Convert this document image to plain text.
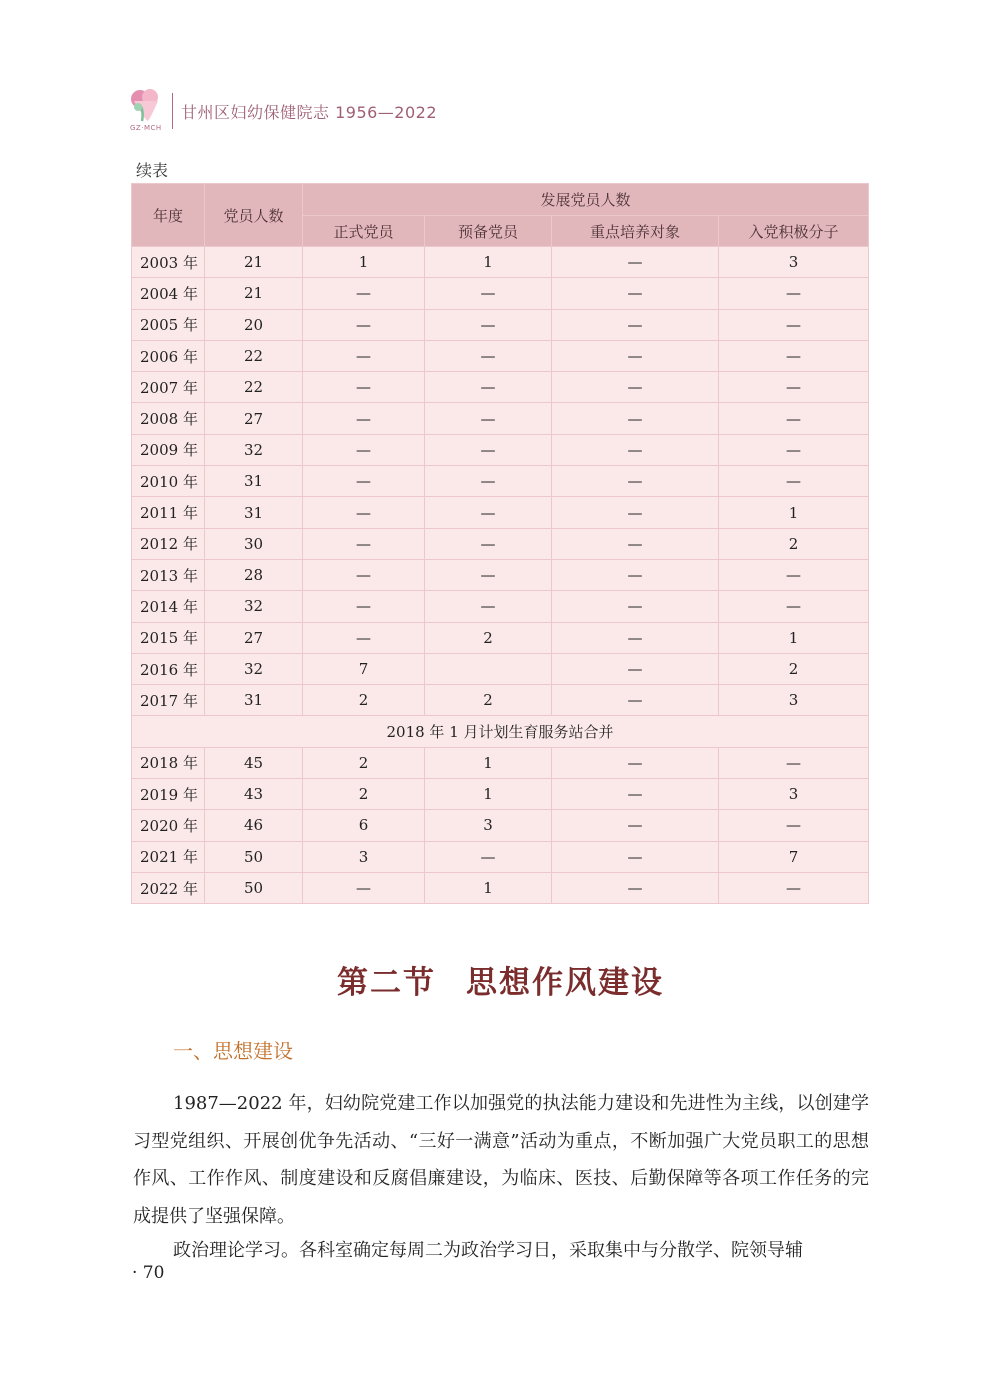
GZ·MCH
甘州区妇幼保健院志 1956—2022
续表
年度	党员人数	发展党员人数			
		正式党员	预备党员	重点培养对象	入党积极分子
2003 年	21	1	1	—	3
2004 年	21	—	—	—	—
2005 年	20	—	—	—	—
2006 年	22	—	—	—	—
2007 年	22	—	—	—	—
2008 年	27	—	—	—	—
2009 年	32	—	—	—	—
2010 年	31	—	—	—	—
2011 年	31	—	—	—	1
2012 年	30	—	—	—	2
2013 年	28	—	—	—	—
2014 年	32	—	—	—	—
2015 年	27	—	2	—	1
2016 年	32	7		—	2
2017 年	31	2	2	—	3
2018 年 1 月计划生育服务站合并					
2018 年	45	2	1	—	—
2019 年	43	2	1	—	3
2020 年	46	6	3	—	—
2021 年	50	3	—	—	7
2022 年	50	—	1	—	—
第二节 思想作风建设
一、思想建设

1987—2022 年，妇幼院党建工作以加强党的执法能力建设和先进性为主线，以创建学习型党组织、开展创优争先活动、“三好一满意”活动为重点，不断加强广大党员职工的思想作风、工作作风、制度建设和反腐倡廉建设，为临床、医技、后勤保障等各项工作任务的完成提供了坚强保障。

政治理论学习。各科室确定每周二为政治学习日，采取集中与分散学、院领导辅

· 70
